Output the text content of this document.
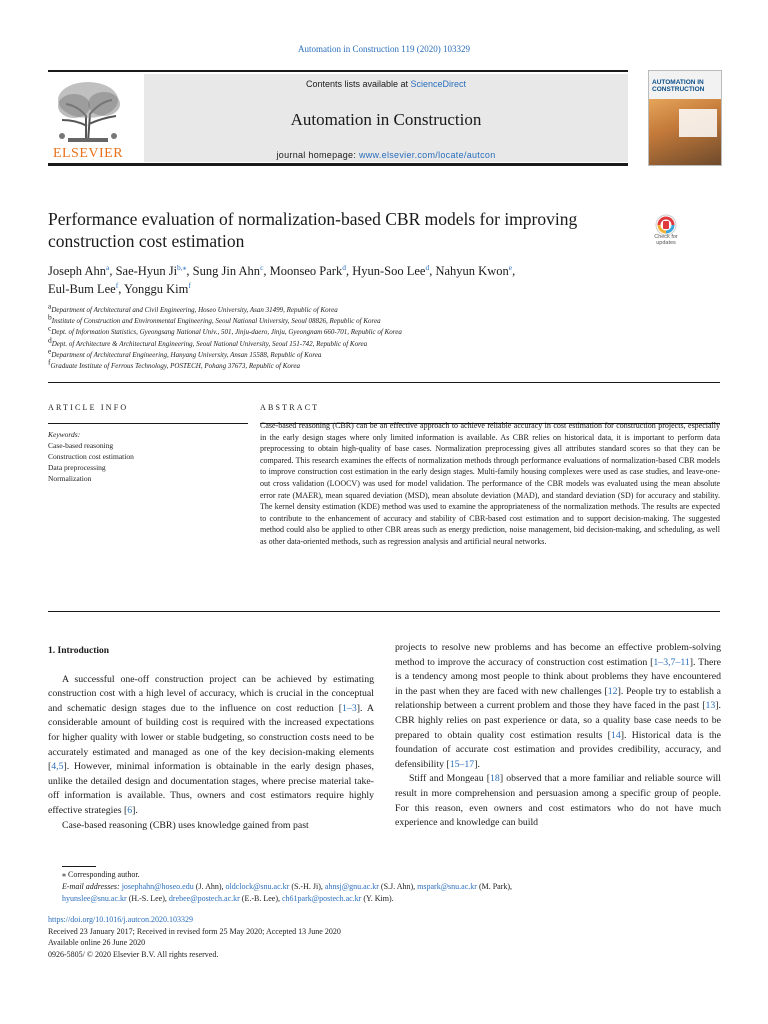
Automation in Construction 119 (2020) 103329
ELSEVIER
Contents lists available at ScienceDirect
Automation in Construction
journal homepage: www.elsevier.com/locate/autcon
AUTOMATION IN CONSTRUCTION
Performance evaluation of normalization-based CBR models for improving construction cost estimation	Check for updates
Joseph Ahn$^a$, Sae-Hyun $Ji^{b,⁎}$, Sung Jin Ahn$^c$, Moonseo Park$^d$, Hyun-Soo Lee$^d$, Nahyun Kwon$^e$,
Eul-Bum Lee$^f$, Yonggu Kim$^f$
$^a$Department of Architectural and Civil Engineering, Hoseo University, Asan 31499, Republic of Korea
$^b$Institute of Construction and Environmental Engineering, Seoul National University, Seoul 08826, Republic of Korea
$^c$Dept. of Information Statistics, Gyeongsang National Univ., 501, Jinju-daero, Jinju, Gyeongnam 660-701, Republic of Korea
$^d$Dept. of Architecture & Architectural Engineering, Seoul National University, Seoul 151-742, Republic of Korea
$^e$Department of Architectural Engineering, Hanyang University, Ansan 15588, Republic of Korea
$^f$Graduate Institute of Ferrous Technology, POSTECH, Pohang 37673, Republic of Korea
ARTICLE INFO	ABSTRACT
Keywords:
Case-based reasoning
Construction cost estimation
Data preprocessing
Normalization
Case-based reasoning (CBR) can be an effective approach to achieve reliable accuracy in cost estimation for construction projects, especially in the early design stages where only limited information is available. As CBR relies on historical data, it is important to perform data preprocessing to obtain high-quality of base cases. Normalization preprocessing gives all attributes standard scores so that they can be compared. This research examines the effects of normalization methods through performance evaluations of normalization-based CBR models to improve construction cost estimation in the early design stages. Multi-family housing complexes were used as case studies, and leave-one-out cross validation (LOOCV) was used for model validation. The performance of the CBR models was evaluated using the mean absolute error rate (MAER), mean squared deviation (MSD), mean absolute deviation (MAD), and standard deviation (SD) for accuracy and stability. The kernel density estimation (KDE) method was used to examine the appropriateness of the normalization methods. The results are expected to contribute to the enhancement of accuracy and stability of CBR-based cost estimation and to support decision-making. The suggested method could also be applied to other CBR areas such as energy prediction, noise management, bid decision-making, and scheduling, as well as other data-oriented methods, such as regression analysis and artificial neural networks.

1. Introduction

A successful one-off construction project can be achieved by estimating construction cost with a high level of accuracy, which is crucial in the conceptual and schematic design stages due to the influence on cost reduction [1–3]. A considerable amount of building cost is required with the increased expectations for higher quality with lower or stable budgeting, so construction costs need to be accurately estimated and managed as one of the key decision-making elements [4,5]. However, minimal information is obtainable in the early design phases, unlike the detailed design and documentation stages, where precise material take-off information is available. Thus, owners and cost estimators require highly effective strategies [6].

Case-based reasoning (CBR) uses knowledge gained from past

projects to resolve new problems and has become an effective problem-solving method to improve the accuracy of construction cost estimation [1–3,7–11]. There is a tendency among most people to think about problems they have encountered in the past when they are faced with new challenges [12]. People try to establish a relationship between a current problem and those they have faced in the past [13]. CBR highly relies on past experience or data, so a quality base case needs to be prepared to obtain quality cost estimation results [14]. Historical data is the foundation of accurate cost estimation and provides credibility, accuracy, and defensibility [15–17].

Stiff and Mongeau [18] observed that a more familiar and reliable source will result in more comprehension and persuasion among a specific group of people. For this reason, even owners and cost estimators who do not have much experience and knowledge can build

⁎ Corresponding author.
E-mail addresses: josephahn@hoseo.edu (J. Ahn), oldclock@snu.ac.kr (S.-H. Ji), ahnsj@gnu.ac.kr (S.J. Ahn), mspark@snu.ac.kr (M. Park),
hyunslee@snu.ac.kr (H.-S. Lee), drebee@postech.ac.kr (E.-B. Lee), ch61park@postech.ac.kr (Y. Kim).
https://doi.org/10.1016/j.autcon.2020.103329
Received 23 January 2017; Received in revised form 25 May 2020; Accepted 13 June 2020
Available online 26 June 2020
0926-5805/ © 2020 Elsevier B.V. All rights reserved.
